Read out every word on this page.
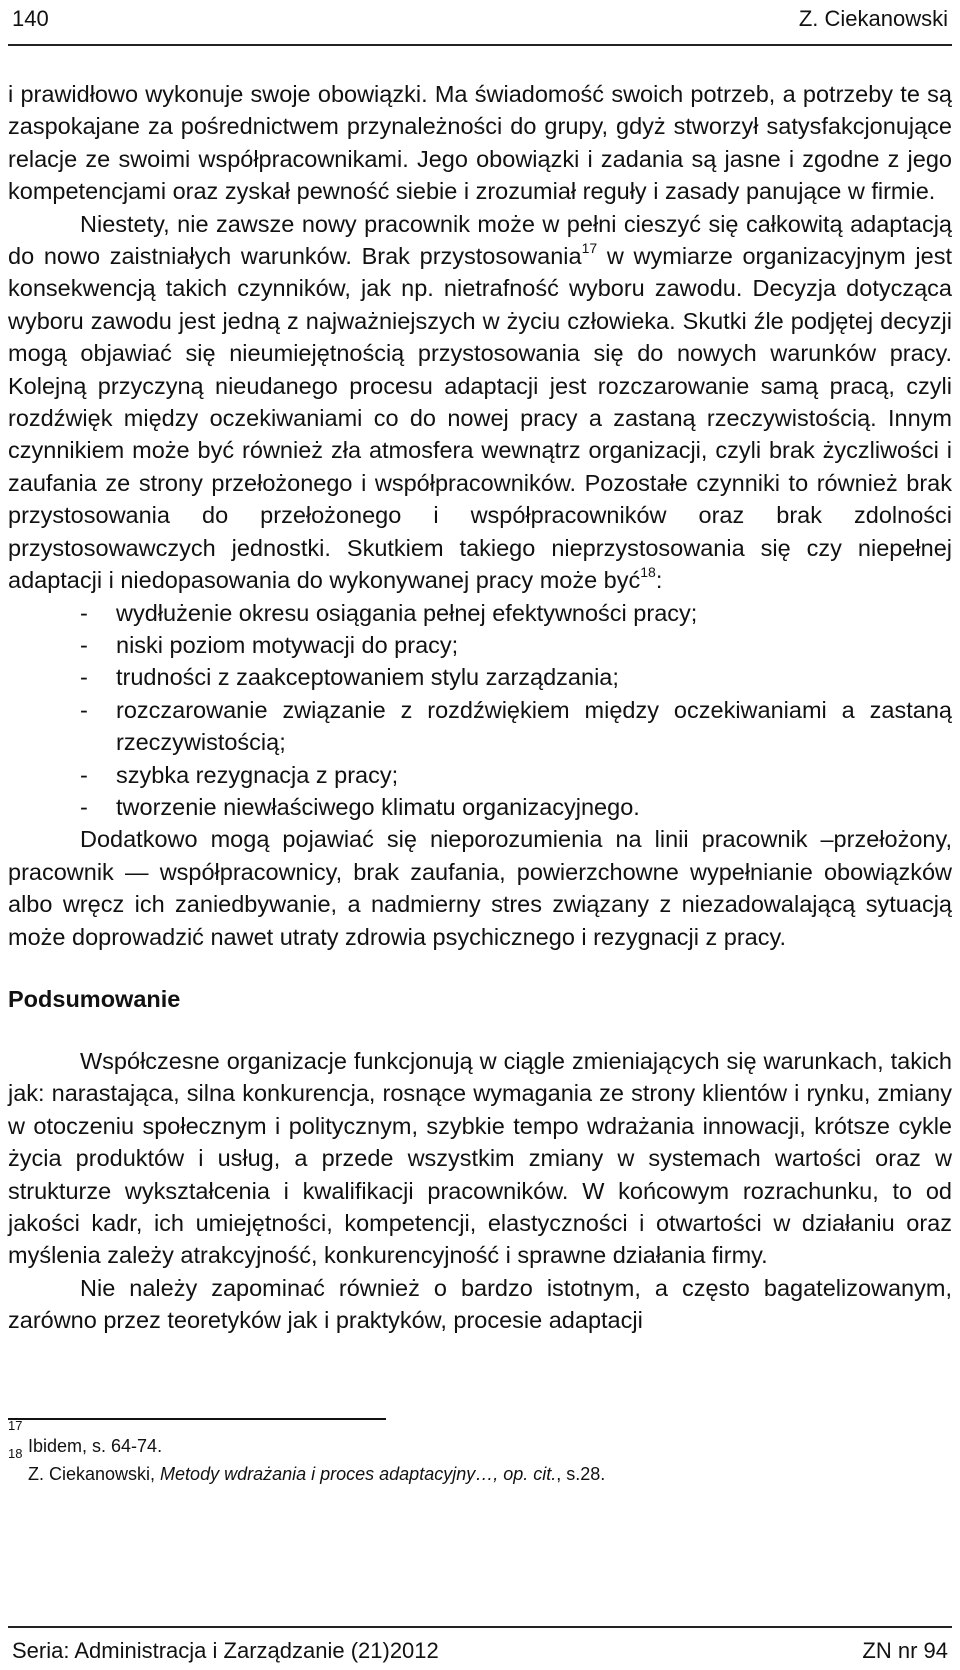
140	Z. Ciekanowski

i prawidłowo wykonuje swoje obowiązki. Ma świadomość swoich potrzeb, a potrzeby te są zaspokajane za pośrednictwem przynależności do grupy, gdyż stworzył satysfakcjonujące relacje ze swoimi współpracownikami. Jego obowiązki i zadania są jasne i zgodne z jego kompetencjami oraz zyskał pewność siebie i zrozumiał reguły i zasady panujące w firmie.

Niestety, nie zawsze nowy pracownik może w pełni cieszyć się całkowitą adaptacją do nowo zaistniałych warunków. Brak przystosowania$^{17}$ w wymiarze organizacyjnym jest konsekwencją takich czynników, jak np. nietrafność wyboru zawodu. Decyzja dotycząca wyboru zawodu jest jedną z najważniejszych w życiu człowieka. Skutki źle podjętej decyzji mogą objawiać się nieumiejętnością przystosowania się do nowych warunków pracy. Kolejną przyczyną nieudanego procesu adaptacji jest rozczarowanie samą pracą, czyli rozdźwięk między oczekiwaniami co do nowej pracy a zastaną rzeczywistością. Innym czynnikiem może być również zła atmosfera wewnątrz organizacji, czyli brak życzliwości i zaufania ze strony przełożonego i współpracowników. Pozostałe czynniki to również brak przystosowania do przełożonego i współpracowników oraz brak zdolności przystosowawczych jednostki. Skutkiem takiego nieprzystosowania się czy niepełnej adaptacji i niedopasowania do wykonywanej pracy może być$^{18}$:

- wydłużenie okresu osiągania pełnej efektywności pracy;
- niski poziom motywacji do pracy;
- trudności z zaakceptowaniem stylu zarządzania;
- rozczarowanie związanie z rozdźwiękiem między oczekiwaniami a zastaną rzeczywistością;
- szybka rezygnacja z pracy;
- tworzenie niewłaściwego klimatu organizacyjnego.

Dodatkowo mogą pojawiać się nieporozumienia na linii pracownik –przełożony, pracownik — współpracownicy, brak zaufania, powierzchowne wypełnianie obowiązków albo wręcz ich zaniedbywanie, a nadmierny stres związany z niezadowalającą sytuacją może doprowadzić nawet utraty zdrowia psychicznego i rezygnacji z pracy.

Podsumowanie

Współczesne organizacje funkcjonują w ciągle zmieniających się warunkach, takich jak: narastająca, silna konkurencja, rosnące wymagania ze strony klientów i rynku, zmiany w otoczeniu społecznym i politycznym, szybkie tempo wdrażania innowacji, krótsze cykle życia produktów i usług, a przede wszystkim zmiany w systemach wartości oraz w strukturze wykształcenia i kwalifikacji pracowników. W końcowym rozrachunku, to od jakości kadr, ich umiejętności, kompetencji, elastyczności i otwartości w działaniu oraz myślenia zależy atrakcyjność, konkurencyjność i sprawne działania firmy.

Nie należy zapominać również o bardzo istotnym, a często bagatelizowanym, zarówno przez teoretyków jak i praktyków, procesie adaptacji

17
Ibidem, s. 64-74.
18
Z. Ciekanowski, Metody wdrażania i proces adaptacyjny…, op. cit., s.28.
Seria: Administracja i Zarządzanie (21)2012	ZN nr 94
